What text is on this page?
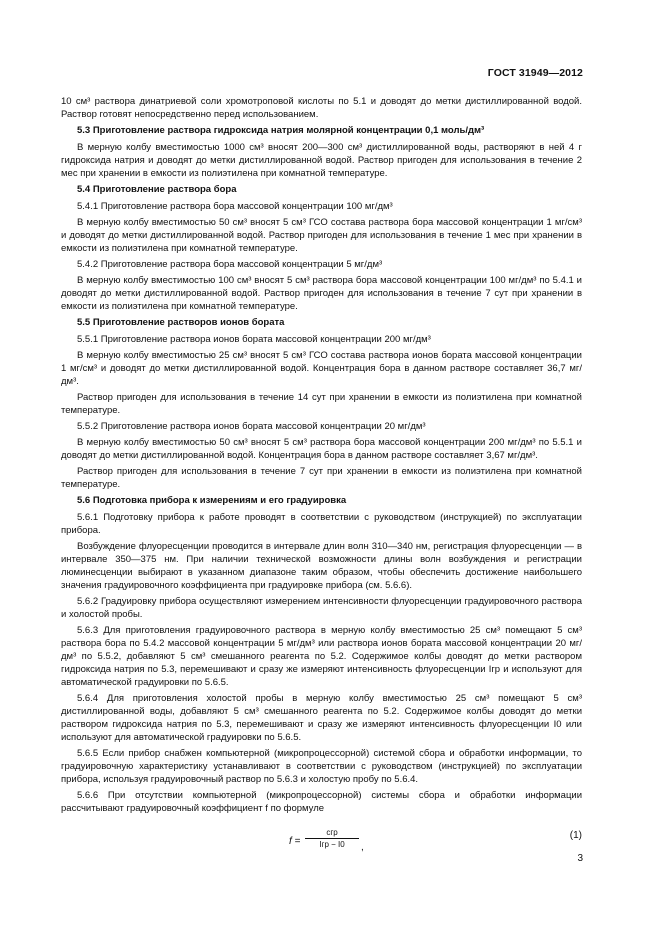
ГОСТ 31949—2012

10 см³ раствора динатриевой соли хромотроповой кислоты по 5.1 и доводят до метки дистиллированной водой. Раствор готовят непосредственно перед использованием.

5.3 Приготовление раствора гидроксида натрия молярной концентрации 0,1 моль/дм³

В мерную колбу вместимостью 1000 см³ вносят 200—300 см³ дистиллированной воды, растворяют в ней 4 г гидроксида натрия и доводят до метки дистиллированной водой. Раствор пригоден для использования в течение 2 мес при хранении в емкости из полиэтилена при комнатной температуре.

5.4 Приготовление раствора бора

5.4.1 Приготовление раствора бора массовой концентрации 100 мг/дм³

В мерную колбу вместимостью 50 см³ вносят 5 см³ ГСО состава раствора бора массовой концентрации 1 мг/см³ и доводят до метки дистиллированной водой. Раствор пригоден для использования в течение 1 мес при хранении в емкости из полиэтилена при комнатной температуре.

5.4.2 Приготовление раствора бора массовой концентрации 5 мг/дм³

В мерную колбу вместимостью 100 см³ вносят 5 см³ раствора бора массовой концентрации 100 мг/дм³ по 5.4.1 и доводят до метки дистиллированной водой. Раствор пригоден для использования в течение 7 сут при хранении в емкости из полиэтилена при комнатной температуре.

5.5 Приготовление растворов ионов бората

5.5.1 Приготовление раствора ионов бората массовой концентрации 200 мг/дм³

В мерную колбу вместимостью 25 см³ вносят 5 см³ ГСО состава раствора ионов бората массовой концентрации 1 мг/см³ и доводят до метки дистиллированной водой. Концентрация бора в данном растворе составляет 36,7 мг/дм³.

Раствор пригоден для использования в течение 14 сут при хранении в емкости из полиэтилена при комнатной температуре.

5.5.2 Приготовление раствора ионов бората массовой концентрации 20 мг/дм³

В мерную колбу вместимостью 50 см³ вносят 5 см³ раствора бора массовой концентрации 200 мг/дм³ по 5.5.1 и доводят до метки дистиллированной водой. Концентрация бора в данном растворе составляет 3,67 мг/дм³.

Раствор пригоден для использования в течение 7 сут при хранении в емкости из полиэтилена при комнатной температуре.

5.6 Подготовка прибора к измерениям и его градуировка

5.6.1 Подготовку прибора к работе проводят в соответствии с руководством (инструкцией) по эксплуатации прибора.

Возбуждение флуоресценции проводится в интервале длин волн 310—340 нм, регистрация флуоресценции — в интервале 350—375 нм. При наличии технической возможности длины волн возбуждения и регистрации люминесценции выбирают в указанном диапазоне таким образом, чтобы обеспечить достижение наибольшего значения градуировочного коэффициента при градуировке прибора (см. 5.6.6).

5.6.2 Градуировку прибора осуществляют измерением интенсивности флуоресценции градуировочного раствора и холостой пробы.

5.6.3 Для приготовления градуировочного раствора в мерную колбу вместимостью 25 см³ помещают 5 см³ раствора бора по 5.4.2 массовой концентрации 5 мг/дм³ или раствора ионов бората массовой концентрации 20 мг/дм³ по 5.5.2, добавляют 5 см³ смешанного реагента по 5.2. Содержимое колбы доводят до метки раствором гидроксида натрия по 5.3, перемешивают и сразу же измеряют интенсивность флуоресценции Iгр и используют для автоматической градуировки по 5.6.5.

5.6.4 Для приготовления холостой пробы в мерную колбу вместимостью 25 см³ помещают 5 см³ дистиллированной воды, добавляют 5 см³ смешанного реагента по 5.2. Содержимое колбы доводят до метки раствором гидроксида натрия по 5.3, перемешивают и сразу же измеряют интенсивность флуоресценции I0 или используют для автоматической градуировки по 5.6.5.

5.6.5 Если прибор снабжен компьютерной (микропроцессорной) системой сбора и обработки информации, то градуировочную характеристику устанавливают в соответствии с руководством (инструкцией) по эксплуатации прибора, используя градуировочный раствор по 5.6.3 и холостую пробу по 5.6.4.

5.6.6 При отсутствии компьютерной (микропроцессорной) системы сбора и обработки информации рассчитывают градуировочный коэффициент f по формуле

f =
cгр
Iгр − I0	,
(1)
3
